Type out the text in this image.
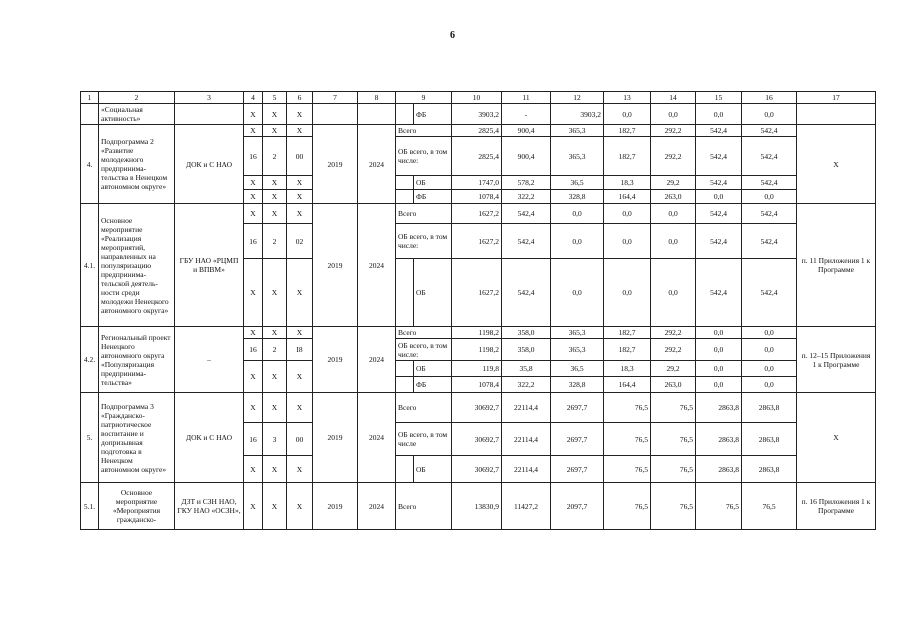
6
1	2	3	4	5	6	7	8	9		10	11	12	13	14	15	16	17
	«Социальная активность»		X	X	X				ФБ	3903,2	-	3903,2	0,0	0,0	0,0	0,0	
4.	Подпрограмма 2 «Развитие молодежного предпринима-тельства в Ненецком автономном округе»	ДОК и С НАО	X	X	X	2019	2024	Всего		2825,4	900,4	365,3	182,7	292,2	542,4	542,4	X
			16	2	00			ОБ всего, в том числе:		2825,4	900,4	365,3	182,7	292,2	542,4	542,4	
			X	X	X				ОБ	1747,0	578,2	36,5	18,3	29,2	542,4	542,4	
			X	X	X				ФБ	1078,4	322,2	328,8	164,4	263,0	0,0	0,0	
4.1.	Основное мероприятие «Реализация мероприятий, направленных на популяризацию предпринима-тельской деятель-ности среди молодежи Ненецкого автономного округа»	ГБУ НАО «РЦМП и ВПВМ»	X	X	X	2019	2024	Всего		1627,2	542,4	0,0	0,0	0,0	542,4	542,4	п. 11 Приложения 1 к Программе
			16	2	02			ОБ всего, в том числе:		1627,2	542,4	0,0	0,0	0,0	542,4	542,4	
			X	X	X				ОБ	1627,2	542,4	0,0	0,0	0,0	542,4	542,4	
4.2.	Региональный проект Ненецкого автономного округа «Популяризация предпринима-тельства»	–	X	X	X	2019	2024	Всего		1198,2	358,0	365,3	182,7	292,2	0,0	0,0	п. 12–15 Приложения 1 к Программе
			16	2	I8			ОБ всего, в том числе:		1198,2	358,0	365,3	182,7	292,2	0,0	0,0	
			X	X	X				ОБ	119,8	35,8	36,5	18,3	29,2	0,0	0,0	
									ФБ	1078,4	322,2	328,8	164,4	263,0	0,0	0,0	
5.	Подпрограмма 3 «Гражданско-патриотическое воспитание и допризывная подготовка в Ненецком автономном округе»	ДОК и С НАО	X	X	X	2019	2024	Всего		30692,7	22114,4	2697,7	76,5	76,5	2863,8	2863,8	X
			16	3	00			ОБ всего, в том числе		30692,7	22114,4	2697,7	76,5	76,5	2863,8	2863,8	
			X	X	X				ОБ	30692,7	22114,4	2697,7	76,5	76,5	2863,8	2863,8	
5.1.	Основное мероприятие «Мероприятия гражданско-	ДЗТ и СЗН НАО, ГКУ НАО «ОСЗН»,	X	X	X	2019	2024	Всего		13830,9	11427,2	2097,7	76,5	76,5	76,5	76,5	п. 16 Приложения 1 к Программе
